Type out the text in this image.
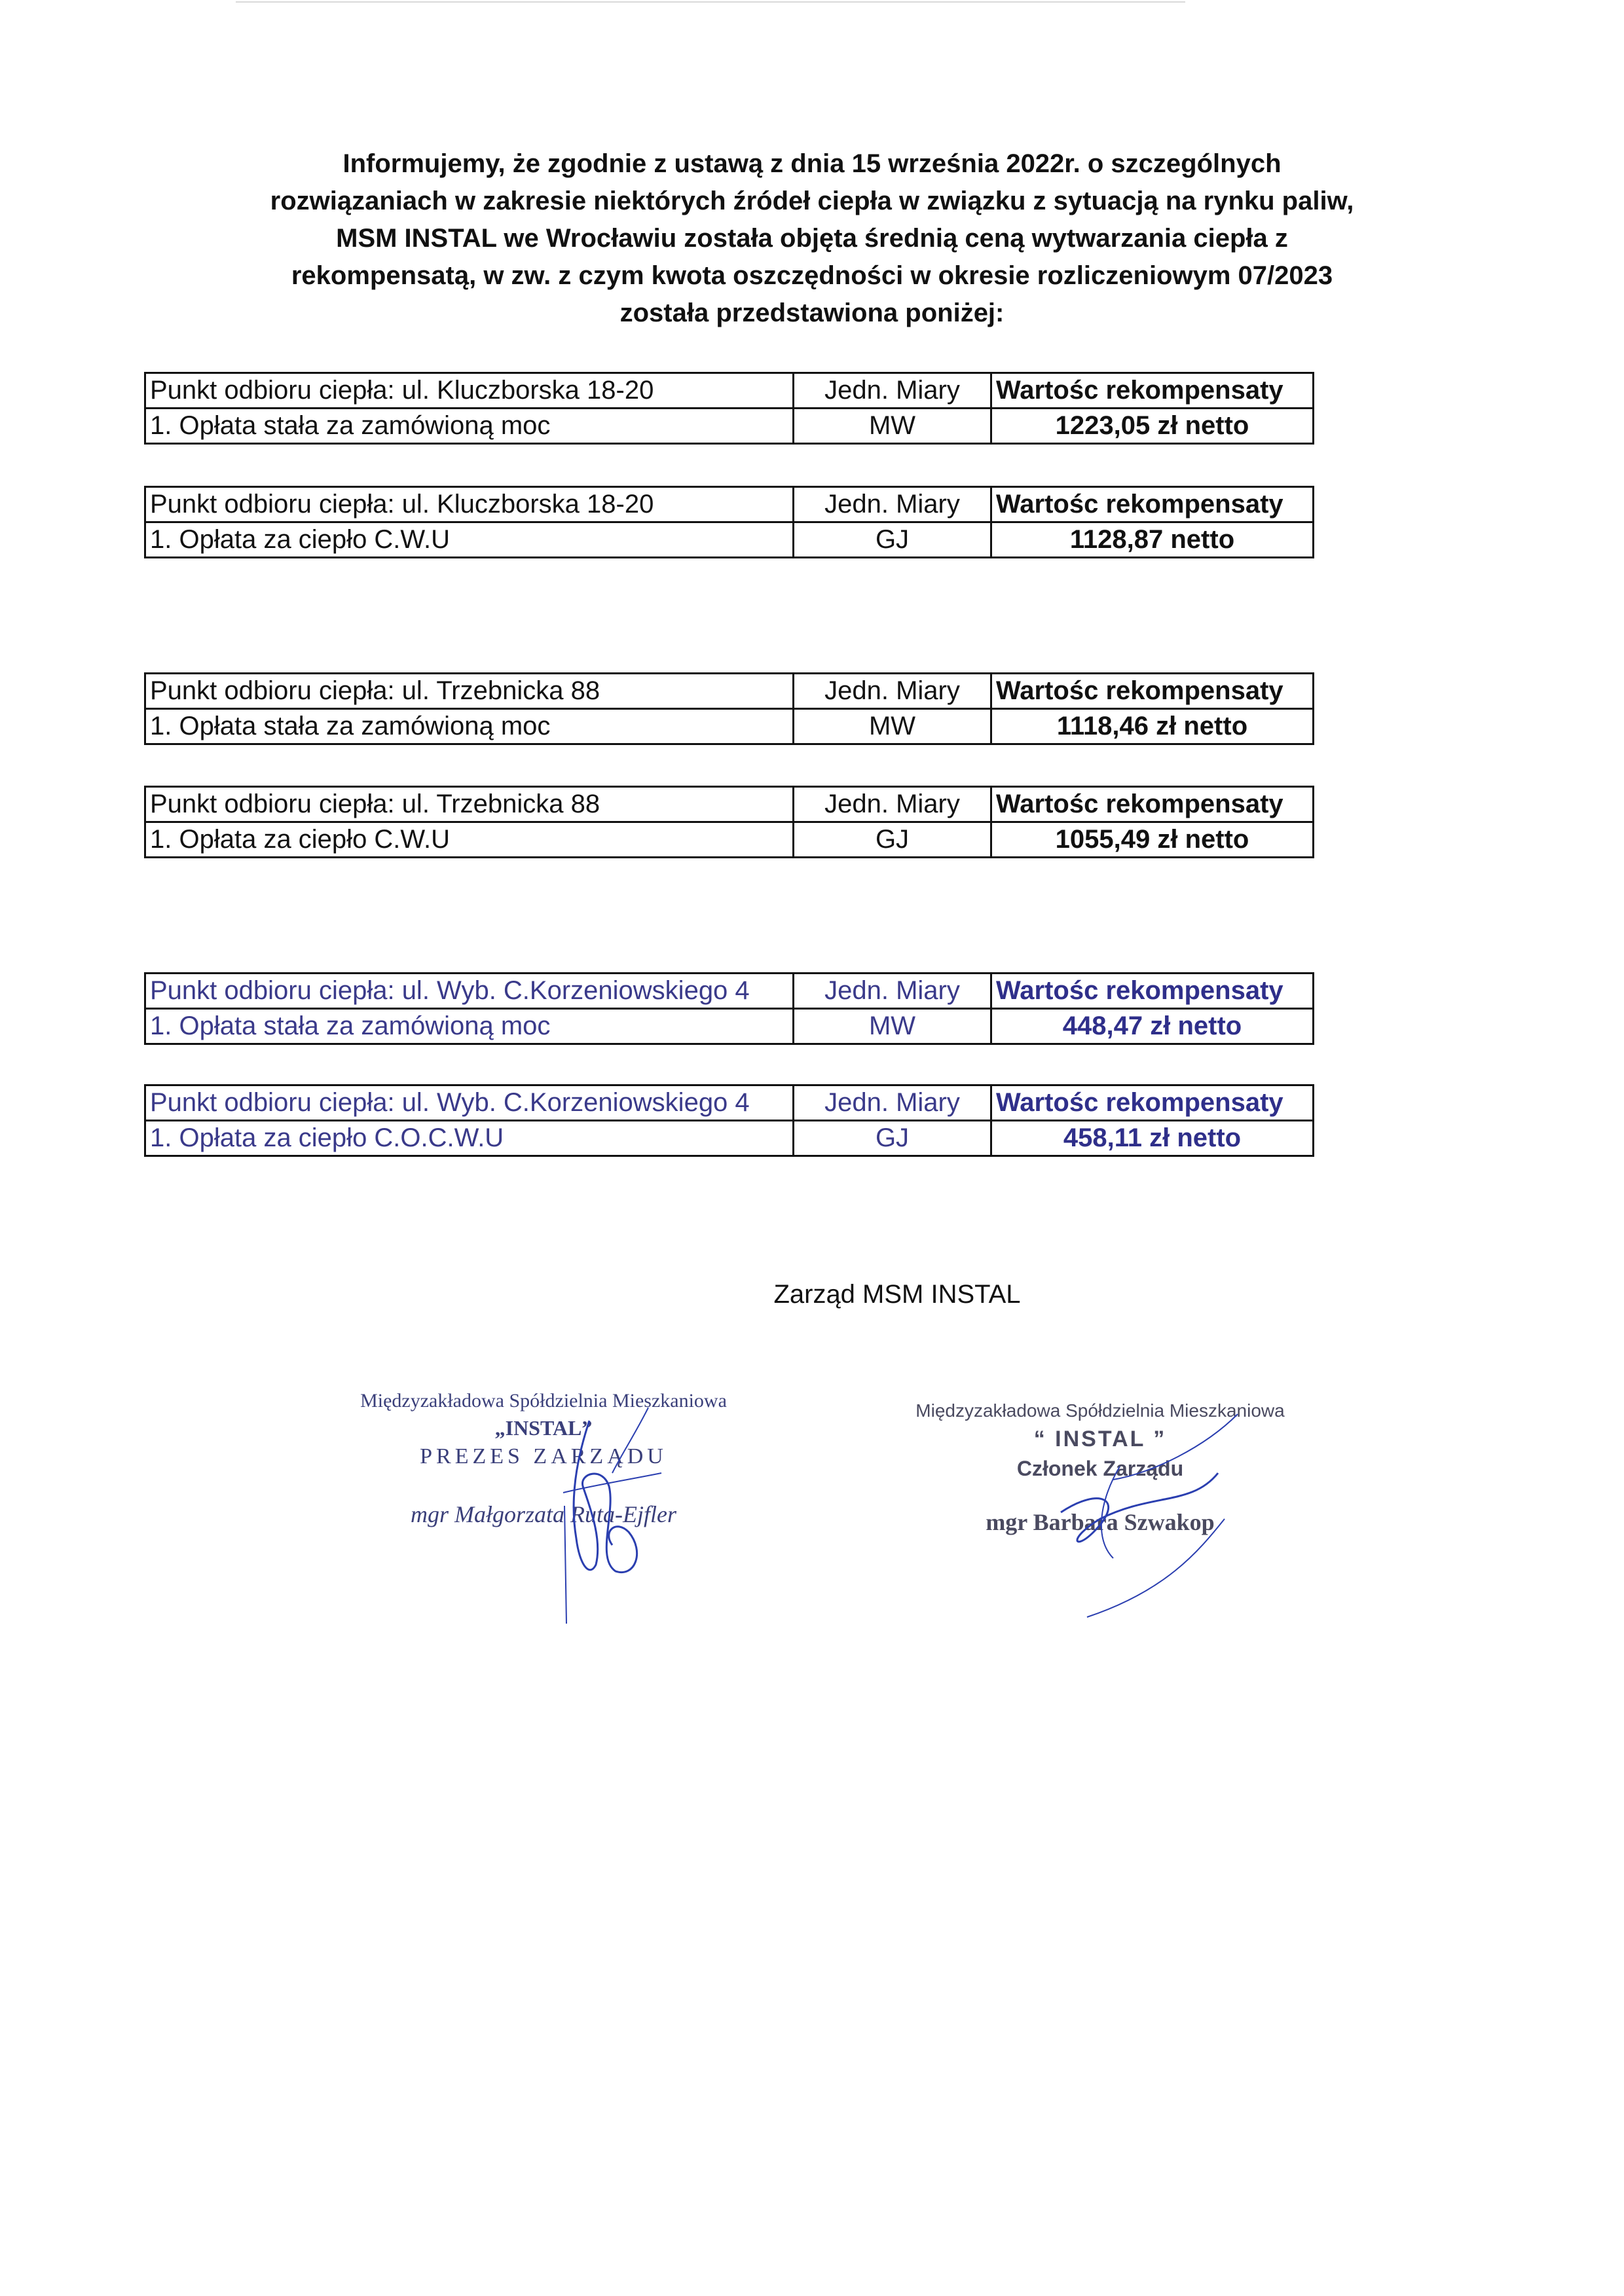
Informujemy, że zgodnie z ustawą z dnia 15 września 2022r. o szczególnych
rozwiązaniach w zakresie niektórych źródeł ciepła w związku z sytuacją na rynku paliw,
MSM INSTAL we Wrocławiu została objęta średnią ceną wytwarzania ciepła z
rekompensatą, w zw. z czym kwota oszczędności w okresie rozliczeniowym 07/2023
została przedstawiona poniżej:
Punkt odbioru ciepła: ul. Kluczborska 18-20	Jedn. Miary	Wartośc rekompensaty
1. Opłata stała za zamówioną moc	MW	1223,05 zł netto
Punkt odbioru ciepła: ul. Kluczborska 18-20	Jedn. Miary	Wartośc rekompensaty
1. Opłata za ciepło C.W.U	GJ	1128,87 netto
Punkt odbioru ciepła: ul. Trzebnicka 88	Jedn. Miary	Wartośc rekompensaty
1. Opłata stała za zamówioną moc	MW	1118,46 zł netto
Punkt odbioru ciepła: ul. Trzebnicka 88	Jedn. Miary	Wartośc rekompensaty
1. Opłata za ciepło C.W.U	GJ	1055,49 zł netto
Punkt odbioru ciepła: ul. Wyb. C.Korzeniowskiego 4	Jedn. Miary	Wartośc rekompensaty
1. Opłata stała za zamówioną moc	MW	448,47 zł netto
Punkt odbioru ciepła: ul. Wyb. C.Korzeniowskiego 4	Jedn. Miary	Wartośc rekompensaty
1. Opłata za ciepło C.O.C.W.U	GJ	458,11 zł netto
Zarząd MSM INSTAL
Międzyzakładowa Spółdzielnia Mieszkaniowa
„INSTAL”
PREZES ZARZĄDU
mgr Małgorzata Ruta-Ejfler
Międzyzakładowa Spółdzielnia Mieszkaniowa
“ INSTAL ”
Członek Zarządu
mgr Barbara Szwakop
